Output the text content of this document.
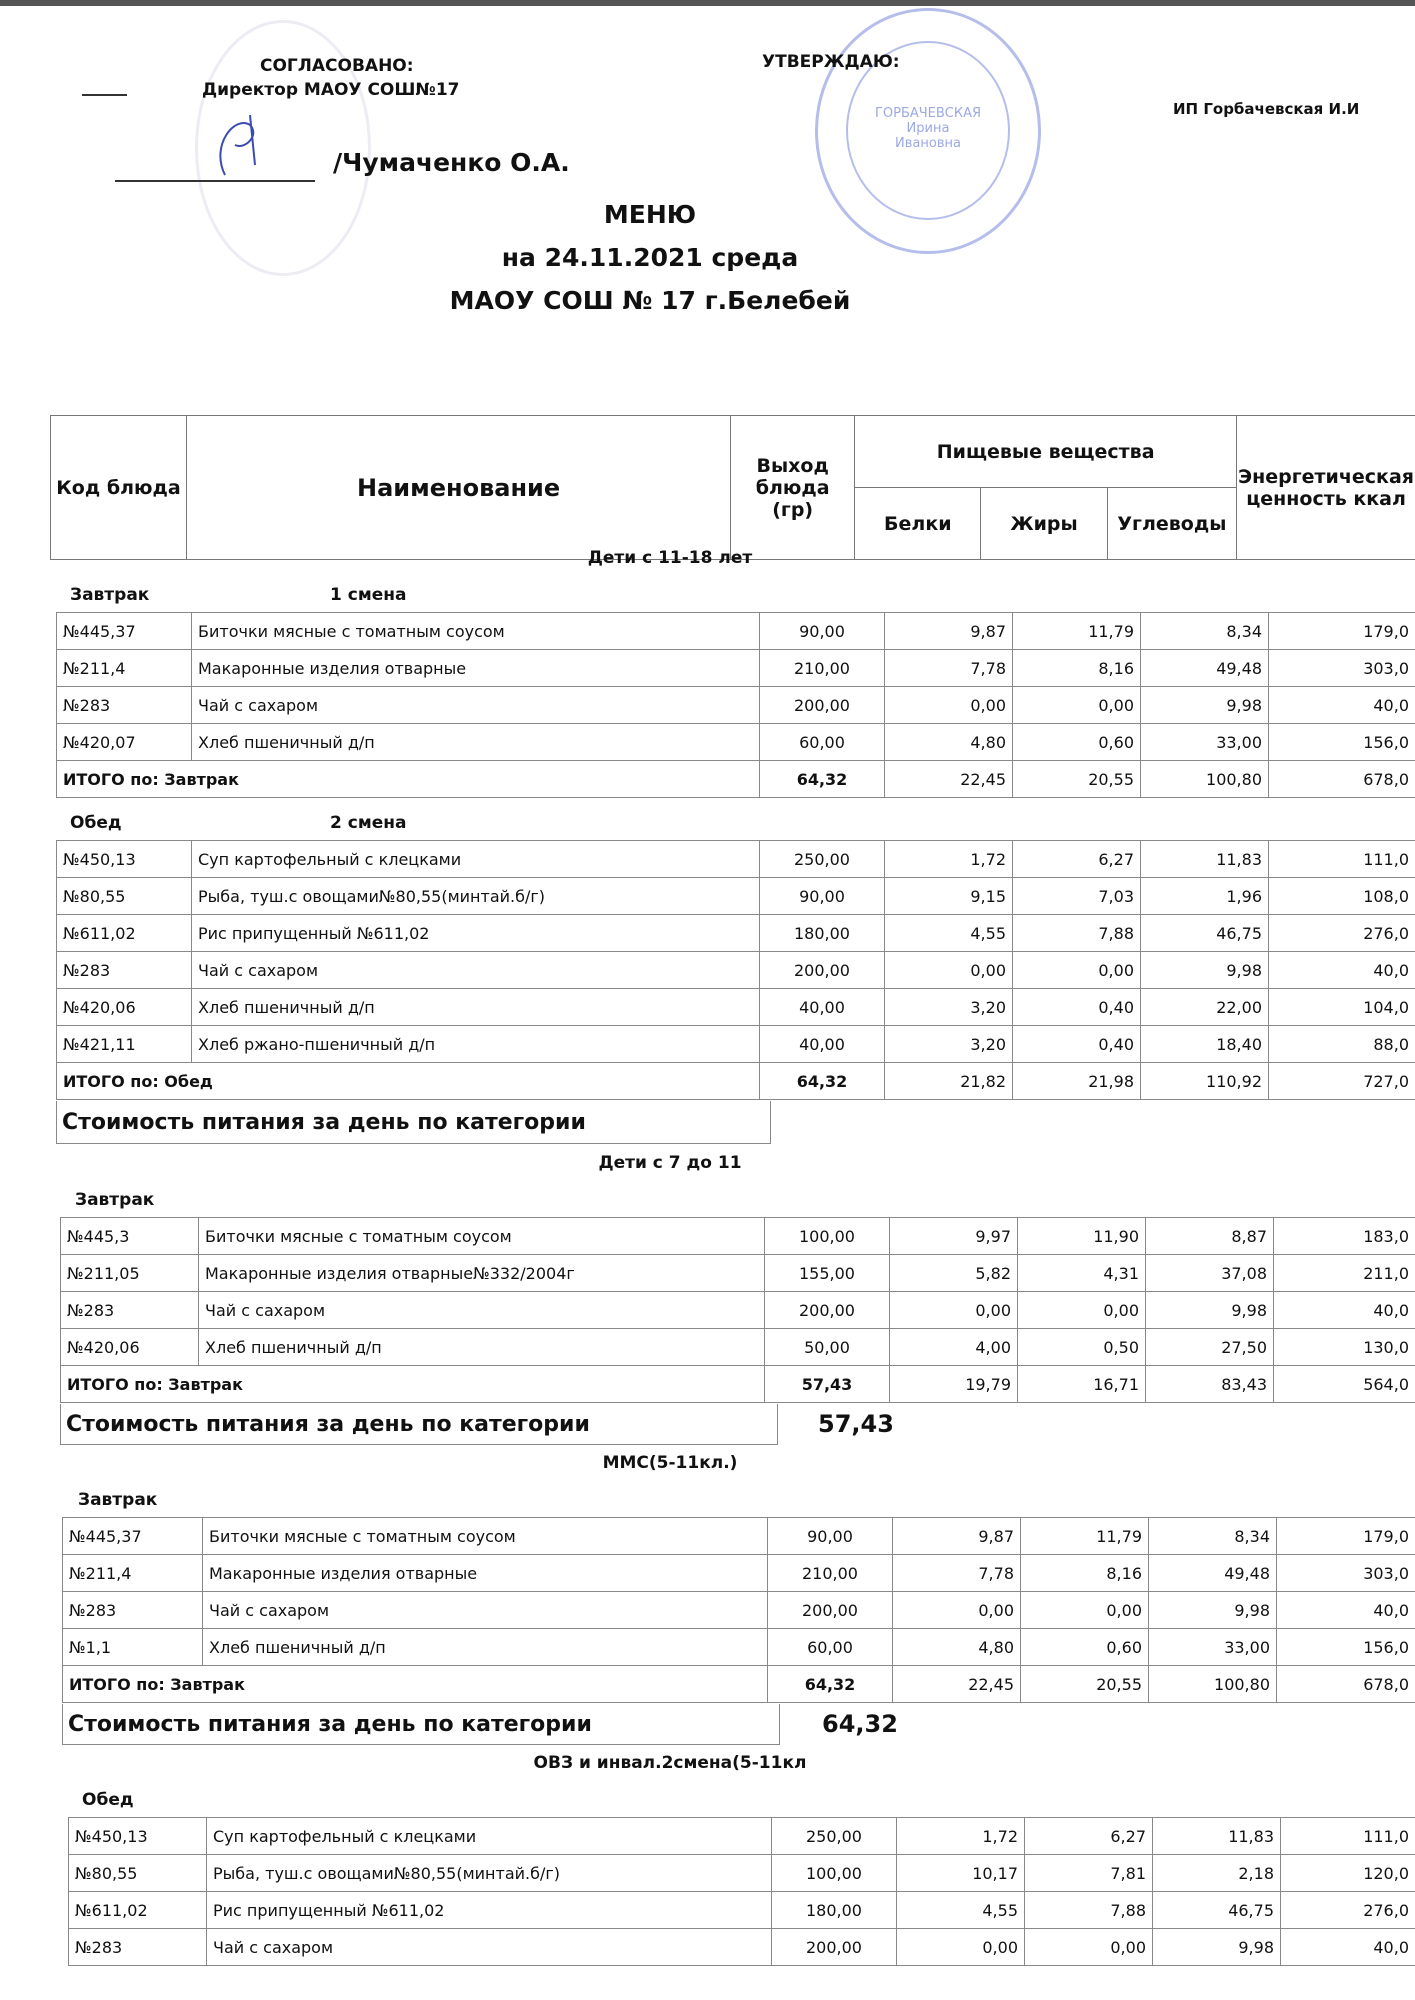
ГОРБАЧЕВСКАЯ
Ирина
Ивановна
СОГЛАСОВАНО:
Директор МАОУ СОШ№17
/Чумаченко О.А.
УТВЕРЖДАЮ:
ИП Горбачевская И.И
МЕНЮ
на 24.11.2021 среда
МАОУ СОШ № 17 г.Белебей
Код блюда	Наименование	Выход блюда (гр)	Пищевые вещества			Энергетическая ценность ккал
			Белки	Жиры	Углеводы	
Дети с 11-18 лет
Завтрак	1 смена
№445,37	Биточки мясные с томатным соусом	90,00	9,87	11,79	8,34	179,0
№211,4	Макаронные изделия отварные	210,00	7,78	8,16	49,48	303,0
№283	Чай с сахаром	200,00	0,00	0,00	9,98	40,0
№420,07	Хлеб пшеничный д/п	60,00	4,80	0,60	33,00	156,0
ИТОГО по: Завтрак		64,32	22,45	20,55	100,80	678,0
Обед	2 смена
№450,13	Суп картофельный с клецками	250,00	1,72	6,27	11,83	111,0
№80,55	Рыба, туш.с овощами№80,55(минтай.б/г)	90,00	9,15	7,03	1,96	108,0
№611,02	Рис припущенный №611,02	180,00	4,55	7,88	46,75	276,0
№283	Чай с сахаром	200,00	0,00	0,00	9,98	40,0
№420,06	Хлеб пшеничный д/п	40,00	3,20	0,40	22,00	104,0
№421,11	Хлеб ржано-пшеничный д/п	40,00	3,20	0,40	18,40	88,0
ИТОГО по: Обед		64,32	21,82	21,98	110,92	727,0
Стоимость питания за день по категории
Дети с 7 до 11
Завтрак
№445,3	Биточки мясные с томатным соусом	100,00	9,97	11,90	8,87	183,0
№211,05	Макаронные изделия отварные№332/2004г	155,00	5,82	4,31	37,08	211,0
№283	Чай с сахаром	200,00	0,00	0,00	9,98	40,0
№420,06	Хлеб пшеничный д/п	50,00	4,00	0,50	27,50	130,0
ИТОГО по: Завтрак		57,43	19,79	16,71	83,43	564,0
Стоимость питания за день по категории	57,43
ММС(5-11кл.)
Завтрак
№445,37	Биточки мясные с томатным соусом	90,00	9,87	11,79	8,34	179,0
№211,4	Макаронные изделия отварные	210,00	7,78	8,16	49,48	303,0
№283	Чай с сахаром	200,00	0,00	0,00	9,98	40,0
№1,1	Хлеб пшеничный д/п	60,00	4,80	0,60	33,00	156,0
ИТОГО по: Завтрак		64,32	22,45	20,55	100,80	678,0
Стоимость питания за день по категории	64,32
ОВЗ и инвал.2смена(5-11кл
Обед
№450,13	Суп картофельный с клецками	250,00	1,72	6,27	11,83	111,0
№80,55	Рыба, туш.с овощами№80,55(минтай.б/г)	100,00	10,17	7,81	2,18	120,0
№611,02	Рис припущенный №611,02	180,00	4,55	7,88	46,75	276,0
№283	Чай с сахаром	200,00	0,00	0,00	9,98	40,0
